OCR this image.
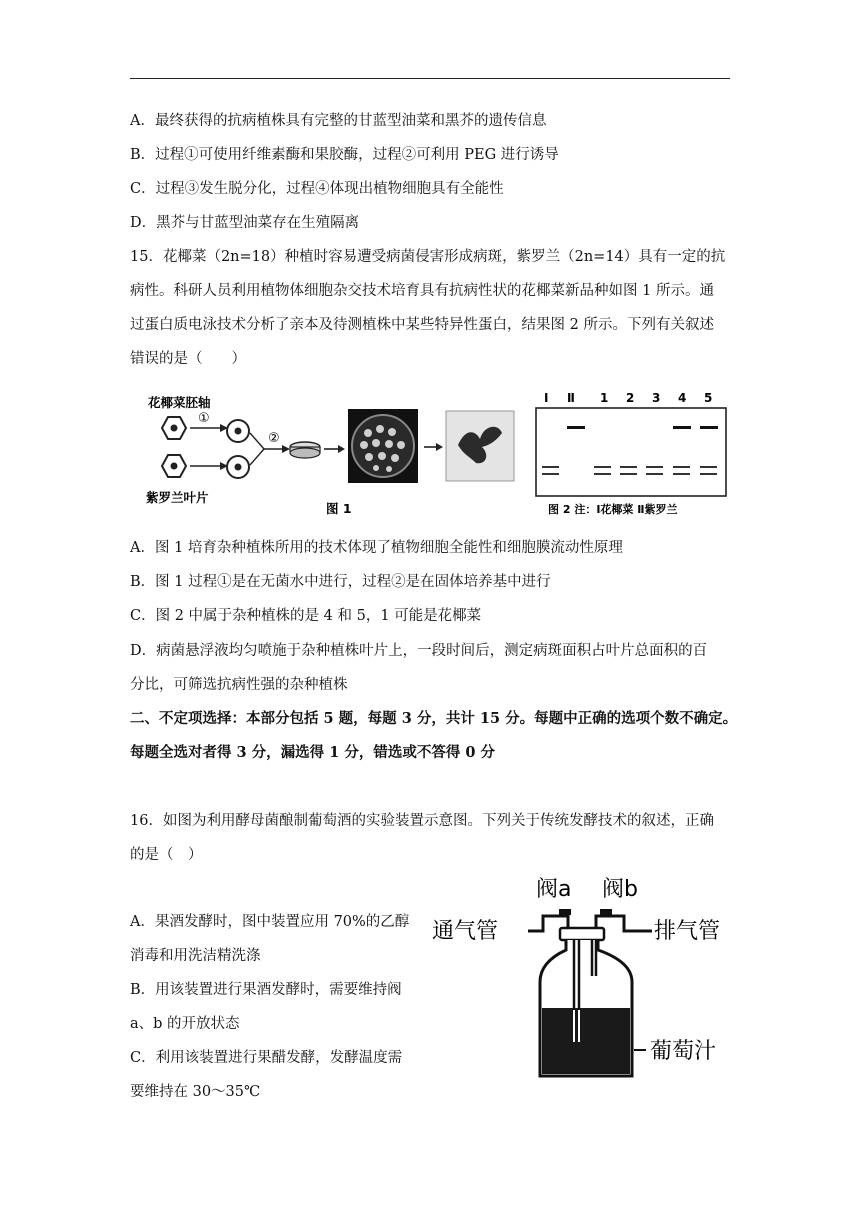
A．最终获得的抗病植株具有完整的甘蓝型油菜和黑芥的遗传信息
B．过程①可使用纤维素酶和果胶酶，过程②可利用 PEG 进行诱导
C．过程③发生脱分化，过程④体现出植物细胞具有全能性
D．黑芥与甘蓝型油菜存在生殖隔离
15．花椰菜（2n=18）种植时容易遭受病菌侵害形成病斑，紫罗兰（2n=14）具有一定的抗
病性。科研人员利用植物体细胞杂交技术培育具有抗病性状的花椰菜新品种如图 1 所示。通
过蛋白质电泳技术分析了亲本及待测植株中某些特异性蛋白，结果图 2 所示。下列有关叙述
错误的是（　　）
花椰菜胚轴
①
紫罗兰叶片
②
图 1
Ⅰ Ⅱ 1 2 3 4 5
图 2 注：Ⅰ花椰菜 Ⅱ紫罗兰
A．图 1 培育杂种植株所用的技术体现了植物细胞全能性和细胞膜流动性原理
B．图 1 过程①是在无菌水中进行，过程②是在固体培养基中进行
C．图 2 中属于杂种植株的是 4 和 5，1 可能是花椰菜
D．病菌悬浮液均匀喷施于杂种植株叶片上，一段时间后，测定病斑面积占叶片总面积的百
分比，可筛选抗病性强的杂种植株
二、不定项选择：本部分包括 5 题，每题 3 分，共计 15 分。每题中正确的选项个数不确定。
每题全选对者得 3 分，漏选得 1 分，错选或不答得 0 分
16．如图为利用酵母菌酿制葡萄酒的实验装置示意图。下列关于传统发酵技术的叙述，正确
的是（　）
A．果酒发酵时，图中装置应用 70%的乙醇
消毒和用洗洁精洗涤
B．用该装置进行果酒发酵时，需要维持阀
a、b 的开放状态
C．利用该装置进行果醋发酵，发酵温度需
要维持在 30～35℃
阀a 阀b
通气管	排气管
葡萄汁
